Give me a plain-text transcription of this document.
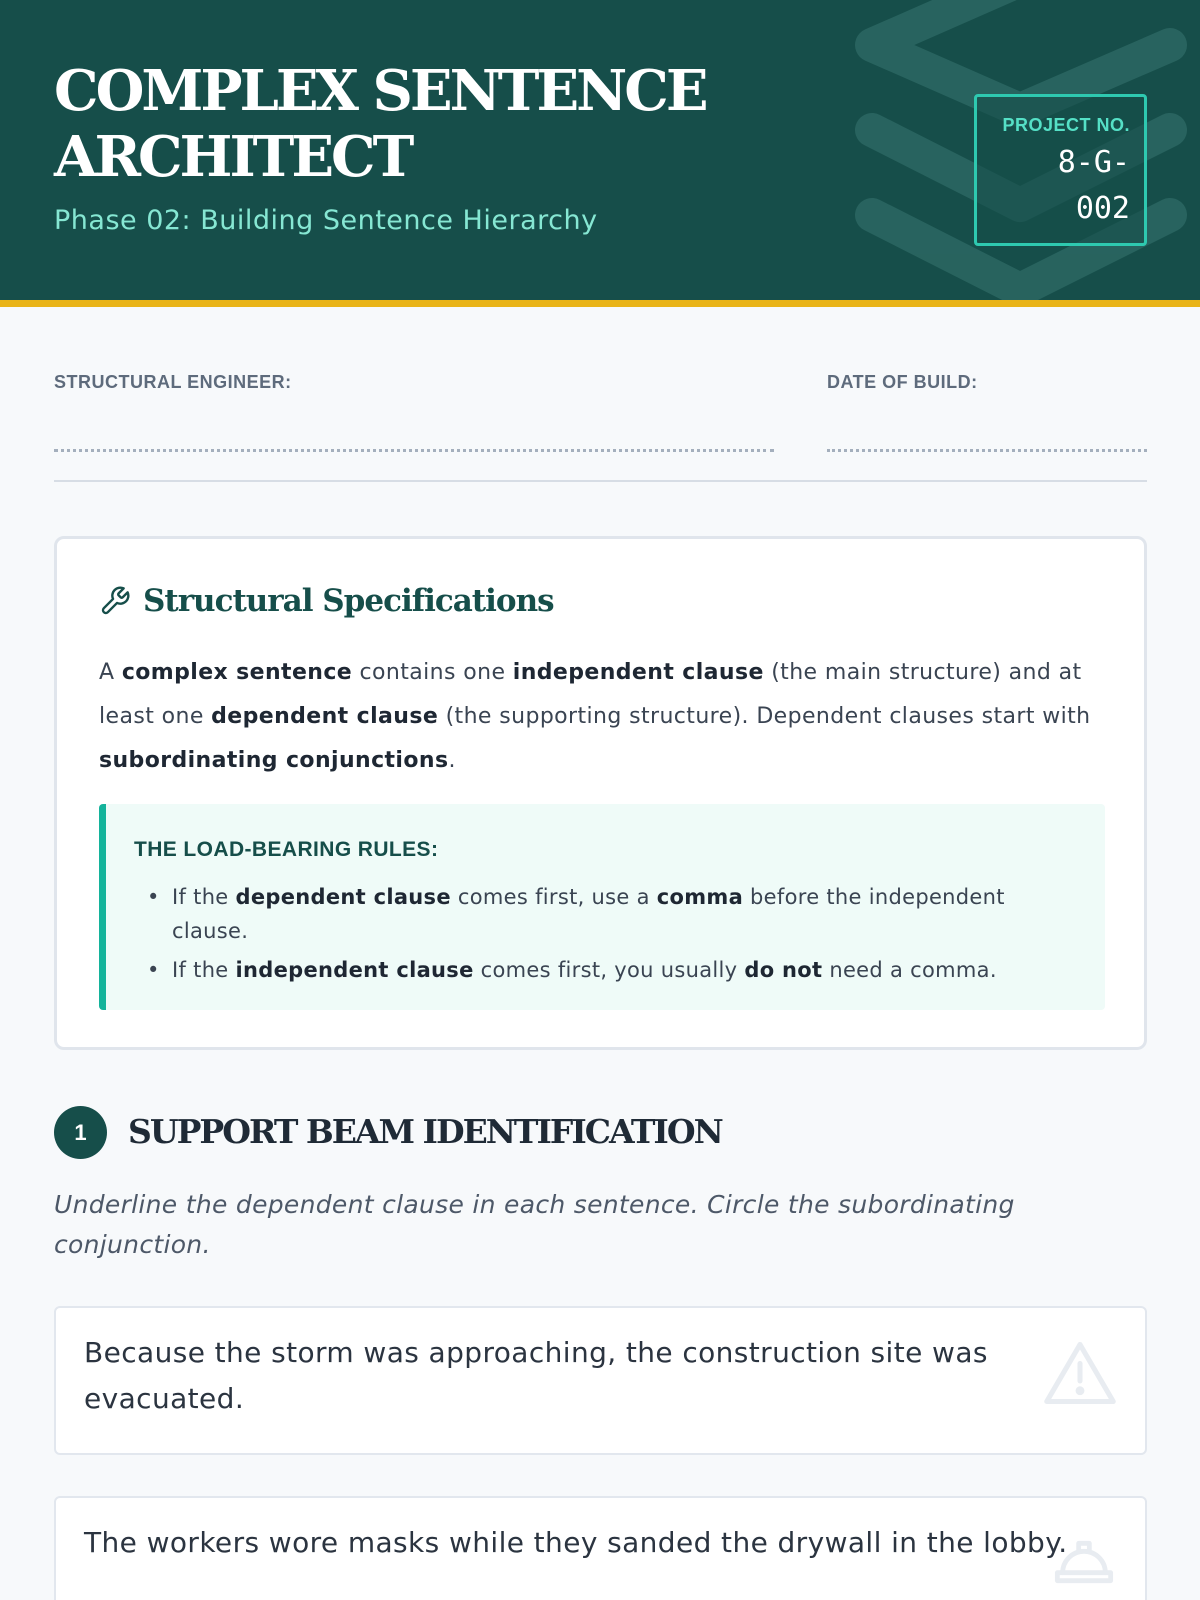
COMPLEX SENTENCE
ARCHITECT
Phase 02: Building Sentence Hierarchy
PROJECT NO.
8-G-
002
STRUCTURAL ENGINEER:	DATE OF BUILD:
Structural Specifications
A complex sentence contains one independent clause (the main structure) and at least one dependent clause (the supporting structure). Dependent clauses start with subordinating conjunctions.
THE LOAD-BEARING RULES:
• If the dependent clause comes first, use a comma before the independent clause.
• If the independent clause comes first, you usually do not need a comma.
1	SUPPORT BEAM IDENTIFICATION
Underline the dependent clause in each sentence. Circle the subordinating conjunction.
Because the storm was approaching, the construction site was evacuated.
The workers wore masks while they sanded the drywall in the lobby.
